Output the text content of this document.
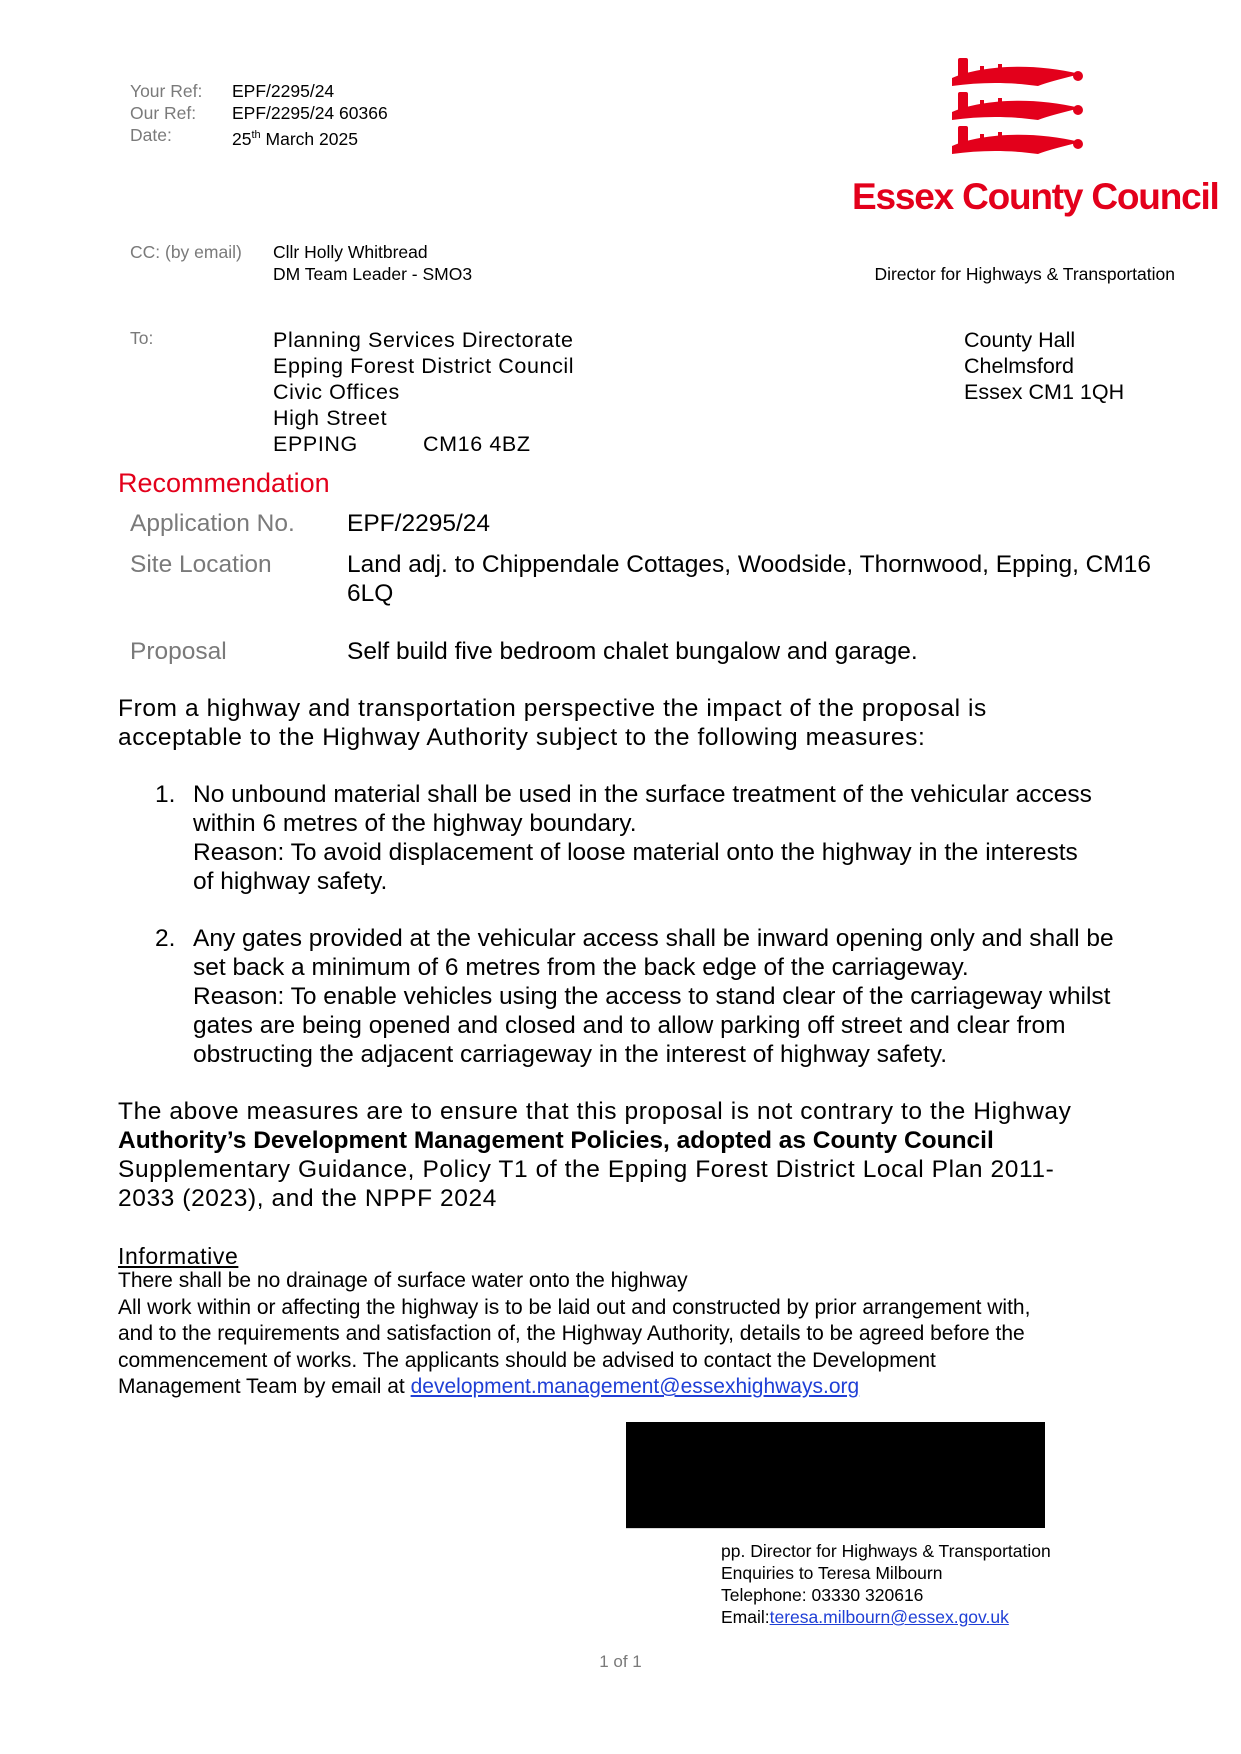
Your Ref:	EPF/2295/24
Our Ref:	EPF/2295/24 60366
Date:	25th March 2025
Essex County Council
CC: (by email) Cllr Holly Whitbread
DM Team Leader - SMO3	Director for Highways & Transportation
To:	Planning Services Directorate
Epping Forest District Council
Civic Offices
High Street
EPPING	CM16 4BZ
County Hall
Chelmsford
Essex CM1 1QH
Recommendation
Application No. EPF/2295/24
Site Location	Land adj. to Chippendale Cottages, Woodside, Thornwood, Epping, CM16
6LQ
Proposal	Self build five bedroom chalet bungalow and garage.
From a highway and transportation perspective the impact of the proposal is
acceptable to the Highway Authority subject to the following measures:
1. No unbound material shall be used in the surface treatment of the vehicular access
within 6 metres of the highway boundary.
Reason: To avoid displacement of loose material onto the highway in the interests
of highway safety.
2. Any gates provided at the vehicular access shall be inward opening only and shall be
set back a minimum of 6 metres from the back edge of the carriageway.
Reason: To enable vehicles using the access to stand clear of the carriageway whilst
gates are being opened and closed and to allow parking off street and clear from
obstructing the adjacent carriageway in the interest of highway safety.
The above measures are to ensure that this proposal is not contrary to the Highway
Authority’s Development Management Policies, adopted as County Council
Supplementary Guidance, Policy T1 of the Epping Forest District Local Plan 2011-
2033 (2023), and the NPPF 2024
Informative
There shall be no drainage of surface water onto the highway
All work within or affecting the highway is to be laid out and constructed by prior arrangement with,
and to the requirements and satisfaction of, the Highway Authority, details to be agreed before the
commencement of works. The applicants should be advised to contact the Development
Management Team by email at development.management@essexhighways.org
pp. Director for Highways & Transportation
Enquiries to Teresa Milbourn
Telephone: 03330 320616
Email:teresa.milbourn@essex.gov.uk
1 of 1
